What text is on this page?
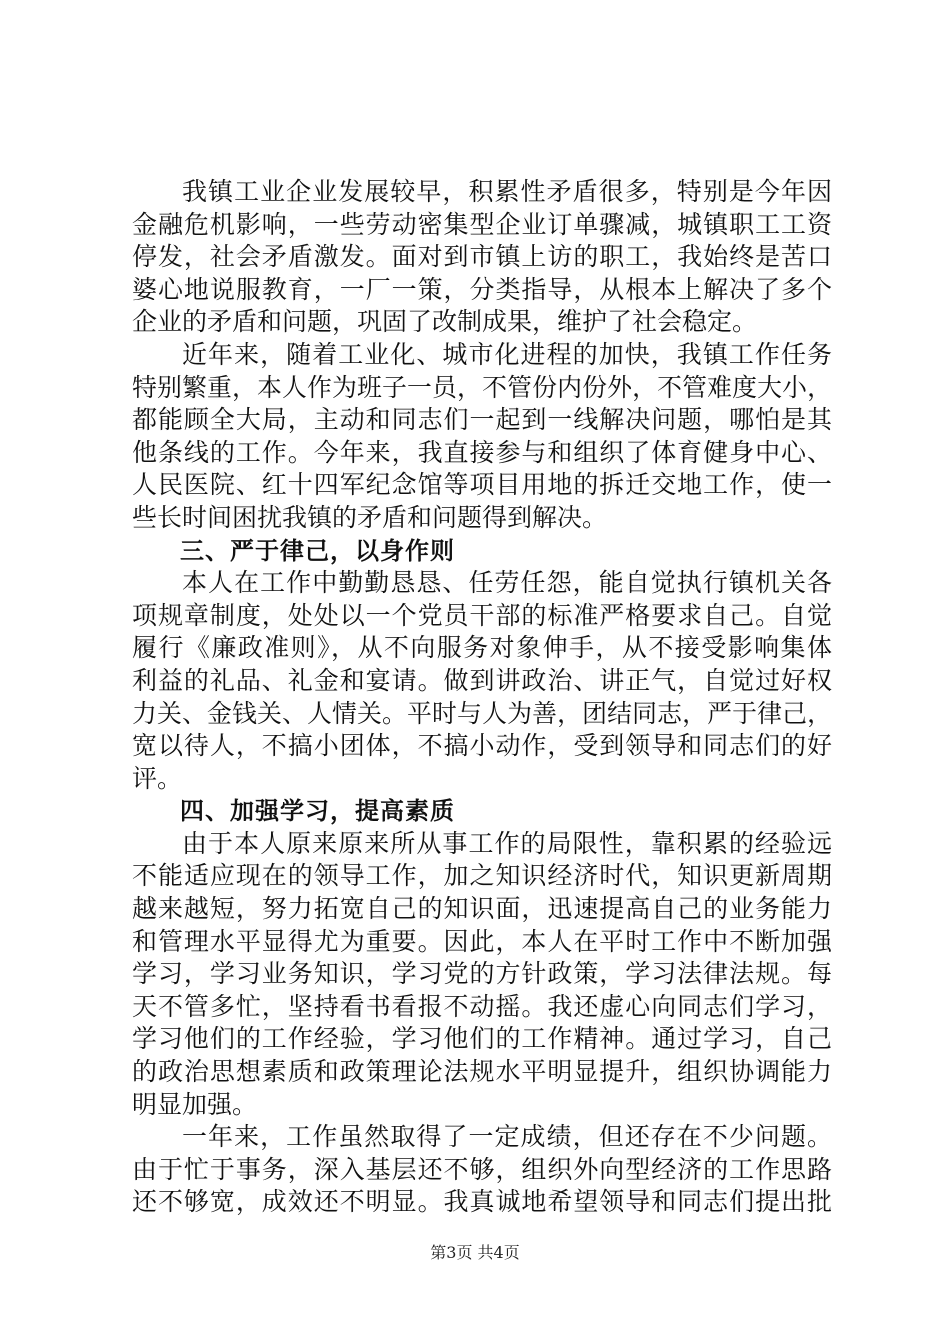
我镇工业企业发展较早，积累性矛盾很多，特别是今年因
金融危机影响，一些劳动密集型企业订单骤减，城镇职工工资
停发，社会矛盾激发。面对到市镇上访的职工，我始终是苦口
婆心地说服教育，一厂一策，分类指导，从根本上解决了多个
企业的矛盾和问题，巩固了改制成果，维护了社会稳定。
近年来，随着工业化、城市化进程的加快，我镇工作任务
特别繁重，本人作为班子一员，不管份内份外，不管难度大小，
都能顾全大局，主动和同志们一起到一线解决问题，哪怕是其
他条线的工作。今年来，我直接参与和组织了体育健身中心、
人民医院、红十四军纪念馆等项目用地的拆迁交地工作，使一
些长时间困扰我镇的矛盾和问题得到解决。
三、严于律己，以身作则
本人在工作中勤勤恳恳、任劳任怨，能自觉执行镇机关各
项规章制度，处处以一个党员干部的标准严格要求自己。自觉
履行《廉政准则》，从不向服务对象伸手，从不接受影响集体
利益的礼品、礼金和宴请。做到讲政治、讲正气，自觉过好权
力关、金钱关、人情关。平时与人为善，团结同志，严于律己，
宽以待人，不搞小团体，不搞小动作，受到领导和同志们的好
评。
四、加强学习，提高素质
由于本人原来原来所从事工作的局限性，靠积累的经验远
不能适应现在的领导工作，加之知识经济时代，知识更新周期
越来越短，努力拓宽自己的知识面，迅速提高自己的业务能力
和管理水平显得尤为重要。因此，本人在平时工作中不断加强
学习，学习业务知识，学习党的方针政策，学习法律法规。每
天不管多忙，坚持看书看报不动摇。我还虚心向同志们学习，
学习他们的工作经验，学习他们的工作精神。通过学习，自己
的政治思想素质和政策理论法规水平明显提升，组织协调能力
明显加强。
一年来，工作虽然取得了一定成绩，但还存在不少问题。
由于忙于事务，深入基层还不够，组织外向型经济的工作思路
还不够宽，成效还不明显。我真诚地希望领导和同志们提出批
第3页 共4页
